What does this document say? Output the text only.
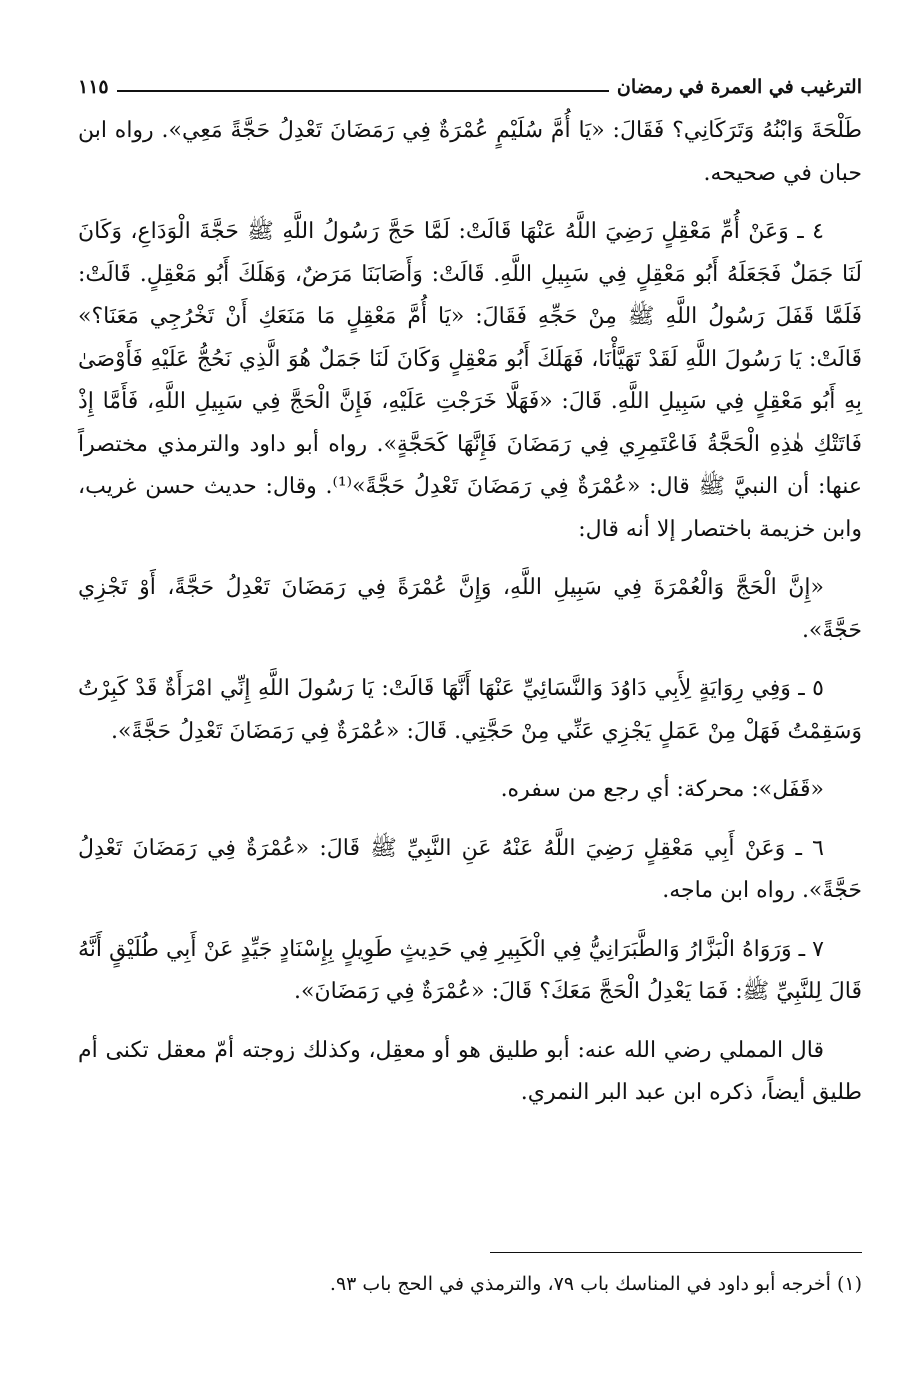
الترغيب في العمرة في رمضان
١١٥

طَلْحَةَ وَابْنُهُ وَتَرَكَانِي؟ فَقَالَ: «يَا أُمَّ سُلَيْمٍ عُمْرَةٌ فِي رَمَضَانَ تَعْدِلُ حَجَّةً مَعِي». رواه ابن حبان في صحيحه.

٤ ـ وَعَنْ أُمِّ مَعْقِلٍ رَضِيَ اللَّهُ عَنْهَا قَالَتْ: لَمَّا حَجَّ رَسُولُ اللَّهِ ﷺ حَجَّةَ الْوَدَاعِ، وَكَانَ لَنَا جَمَلٌ فَجَعَلَهُ أَبُو مَعْقِلٍ فِي سَبِيلِ اللَّهِ. قَالَتْ: وَأَصَابَنَا مَرَضٌ، وَهَلَكَ أَبُو مَعْقِلٍ. قَالَتْ: فَلَمَّا قَفَلَ رَسُولُ اللَّهِ ﷺ مِنْ حَجِّهِ فَقَالَ: «يَا أُمَّ مَعْقِلٍ مَا مَنَعَكِ أَنْ تَخْرُجِي مَعَنَا؟» قَالَتْ: يَا رَسُولَ اللَّهِ لَقَدْ تَهَيَّأْنَا، فَهَلَكَ أَبُو مَعْقِلٍ وَكَانَ لَنَا جَمَلٌ هُوَ الَّذِي نَحُجُّ عَلَيْهِ فَأَوْصَىٰ بِهِ أَبُو مَعْقِلٍ فِي سَبِيلِ اللَّهِ. قَالَ: «فَهَلَّا خَرَجْتِ عَلَيْهِ، فَإِنَّ الْحَجَّ فِي سَبِيلِ اللَّهِ، فَأَمَّا إِذْ فَاتَتْكِ هٰذِهِ الْحَجَّةُ فَاعْتَمِرِي فِي رَمَضَانَ فَإِنَّهَا كَحَجَّةٍ». رواه أبو داود والترمذي مختصراً عنها: أن النبيَّ ﷺ قال: «عُمْرَةٌ فِي رَمَضَانَ تَعْدِلُ حَجَّةً»⁽¹⁾. وقال: حديث حسن غريب، وابن خزيمة باختصار إلا أنه قال:

«إِنَّ الْحَجَّ وَالْعُمْرَةَ فِي سَبِيلِ اللَّهِ، وَإِنَّ عُمْرَةً فِي رَمَضَانَ تَعْدِلُ حَجَّةً، أَوْ تَجْزِي حَجَّةً».

٥ ـ وَفِي رِوَايَةٍ لِأَبِي دَاوُدَ وَالنَّسَائِيِّ عَنْهَا أَنَّهَا قَالَتْ: يَا رَسُولَ اللَّهِ إِنِّي امْرَأَةٌ قَدْ كَبِرْتُ وَسَقِمْتُ فَهَلْ مِنْ عَمَلٍ يَجْزِي عَنِّي مِنْ حَجَّتِي. قَالَ: «عُمْرَةٌ فِي رَمَضَانَ تَعْدِلُ حَجَّةً».

«قَفَل»: محركة: أي رجع من سفره.

٦ ـ وَعَنْ أَبِي مَعْقِلٍ رَضِيَ اللَّهُ عَنْهُ عَنِ النَّبِيِّ ﷺ قَالَ: «عُمْرَةٌ فِي رَمَضَانَ تَعْدِلُ حَجَّةً». رواه ابن ماجه.

٧ ـ وَرَوَاهُ الْبَزَّارُ وَالطَّبَرَانِيُّ فِي الْكَبِيرِ فِي حَدِيثٍ طَوِيلٍ بِإِسْنَادٍ جَيِّدٍ عَنْ أَبِي طُلَيْقٍ أَنَّهُ قَالَ لِلنَّبِيِّ ﷺ: فَمَا يَعْدِلُ الْحَجَّ مَعَكَ؟ قَالَ: «عُمْرَةٌ فِي رَمَضَانَ».

قال المملي رضي الله عنه: أبو طليق هو أو معقِل، وكذلك زوجته أمّ معقل تكنى أم طليق أيضاً، ذكره ابن عبد البر النمري.

(١) أخرجه أبو داود في المناسك باب ٧٩، والترمذي في الحج باب ٩٣.
